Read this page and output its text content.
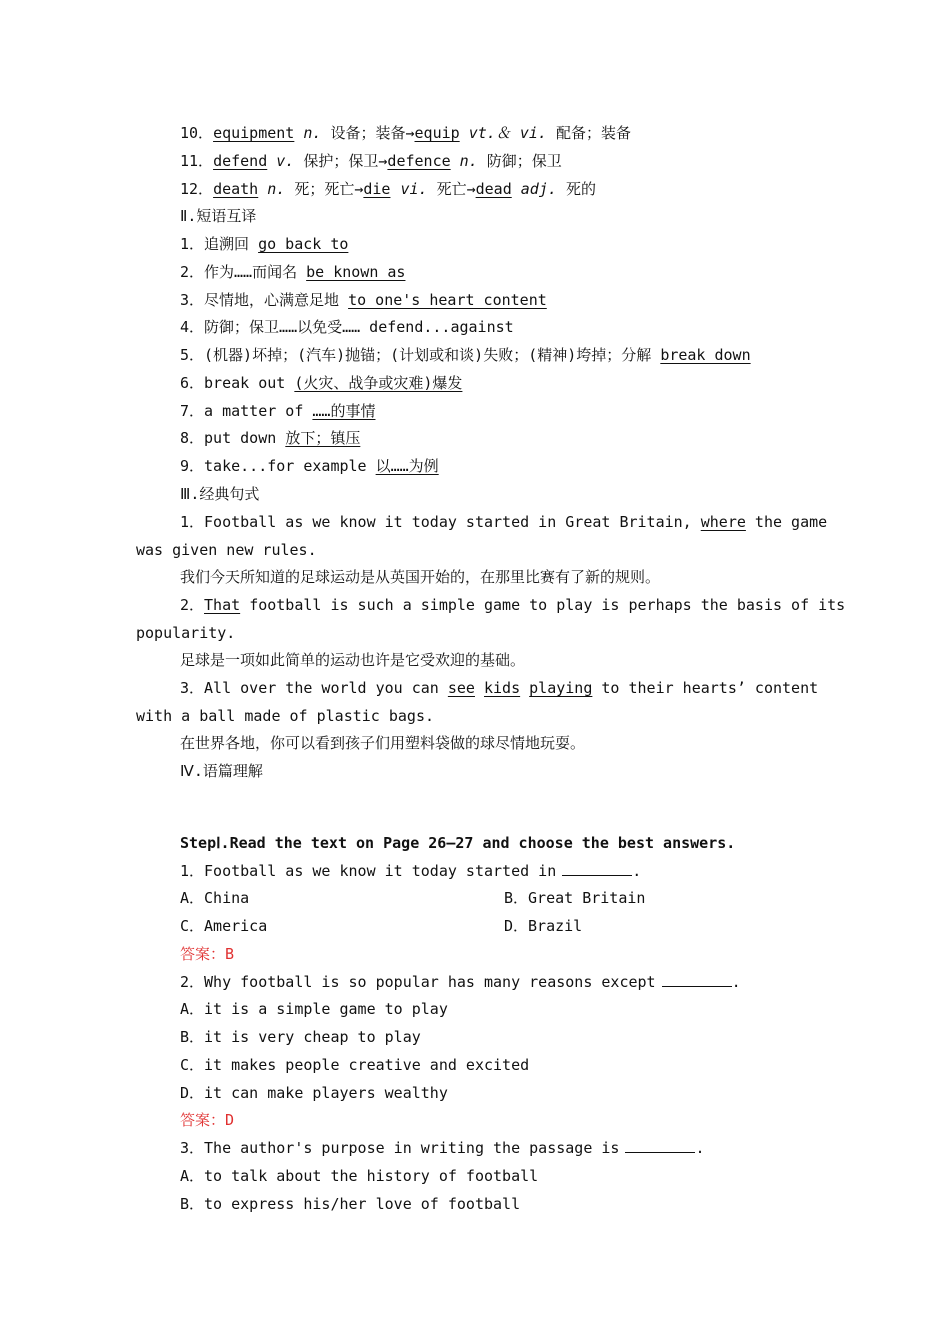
10．equipment n. 设备；装备→equip vt.＆ vi. 配备；装备
11．defend v. 保护；保卫→defence n. 防御；保卫
12．death n. 死；死亡→die vi. 死亡→dead adj. 死的
Ⅱ.短语互译
1．追溯回 go back to
2．作为……而闻名 be known as
3．尽情地，心满意足地 to one's heart content
4．防御；保卫……以免受…… defend...against
5．(机器)坏掉；(汽车)抛锚；(计划或和谈)失败；(精神)垮掉；分解 break down
6．break out (火灾、战争或灾难)爆发
7．a matter of ……的事情
8．put down 放下；镇压
9．take...for example 以……为例
Ⅲ.经典句式
1．Football as we know it today started in Great Britain, where the game
was given new rules.
我们今天所知道的足球运动是从英国开始的，在那里比赛有了新的规则。
2．That football is such a simple game to play is perhaps the basis of its
popularity.
足球是一项如此简单的运动也许是它受欢迎的基础。
3．All over the world you can see kids playing to their hearts’ content
with a ball made of plastic bags.
在世界各地，你可以看到孩子们用塑料袋做的球尽情地玩耍。
Ⅳ.语篇理解
StepⅠ.Read the text on Page 26—27 and choose the best answers.
1．Football as we know it today started in	.
A．China	B．Great Britain
C．America	D．Brazil
答案：B
2．Why football is so popular has many reasons except	.
A．it is a simple game to play
B．it is very cheap to play
C．it makes people creative and excited
D．it can make players wealthy
答案：D
3．The author's purpose in writing the passage is	.
A．to talk about the history of football
B．to express his/her love of football
